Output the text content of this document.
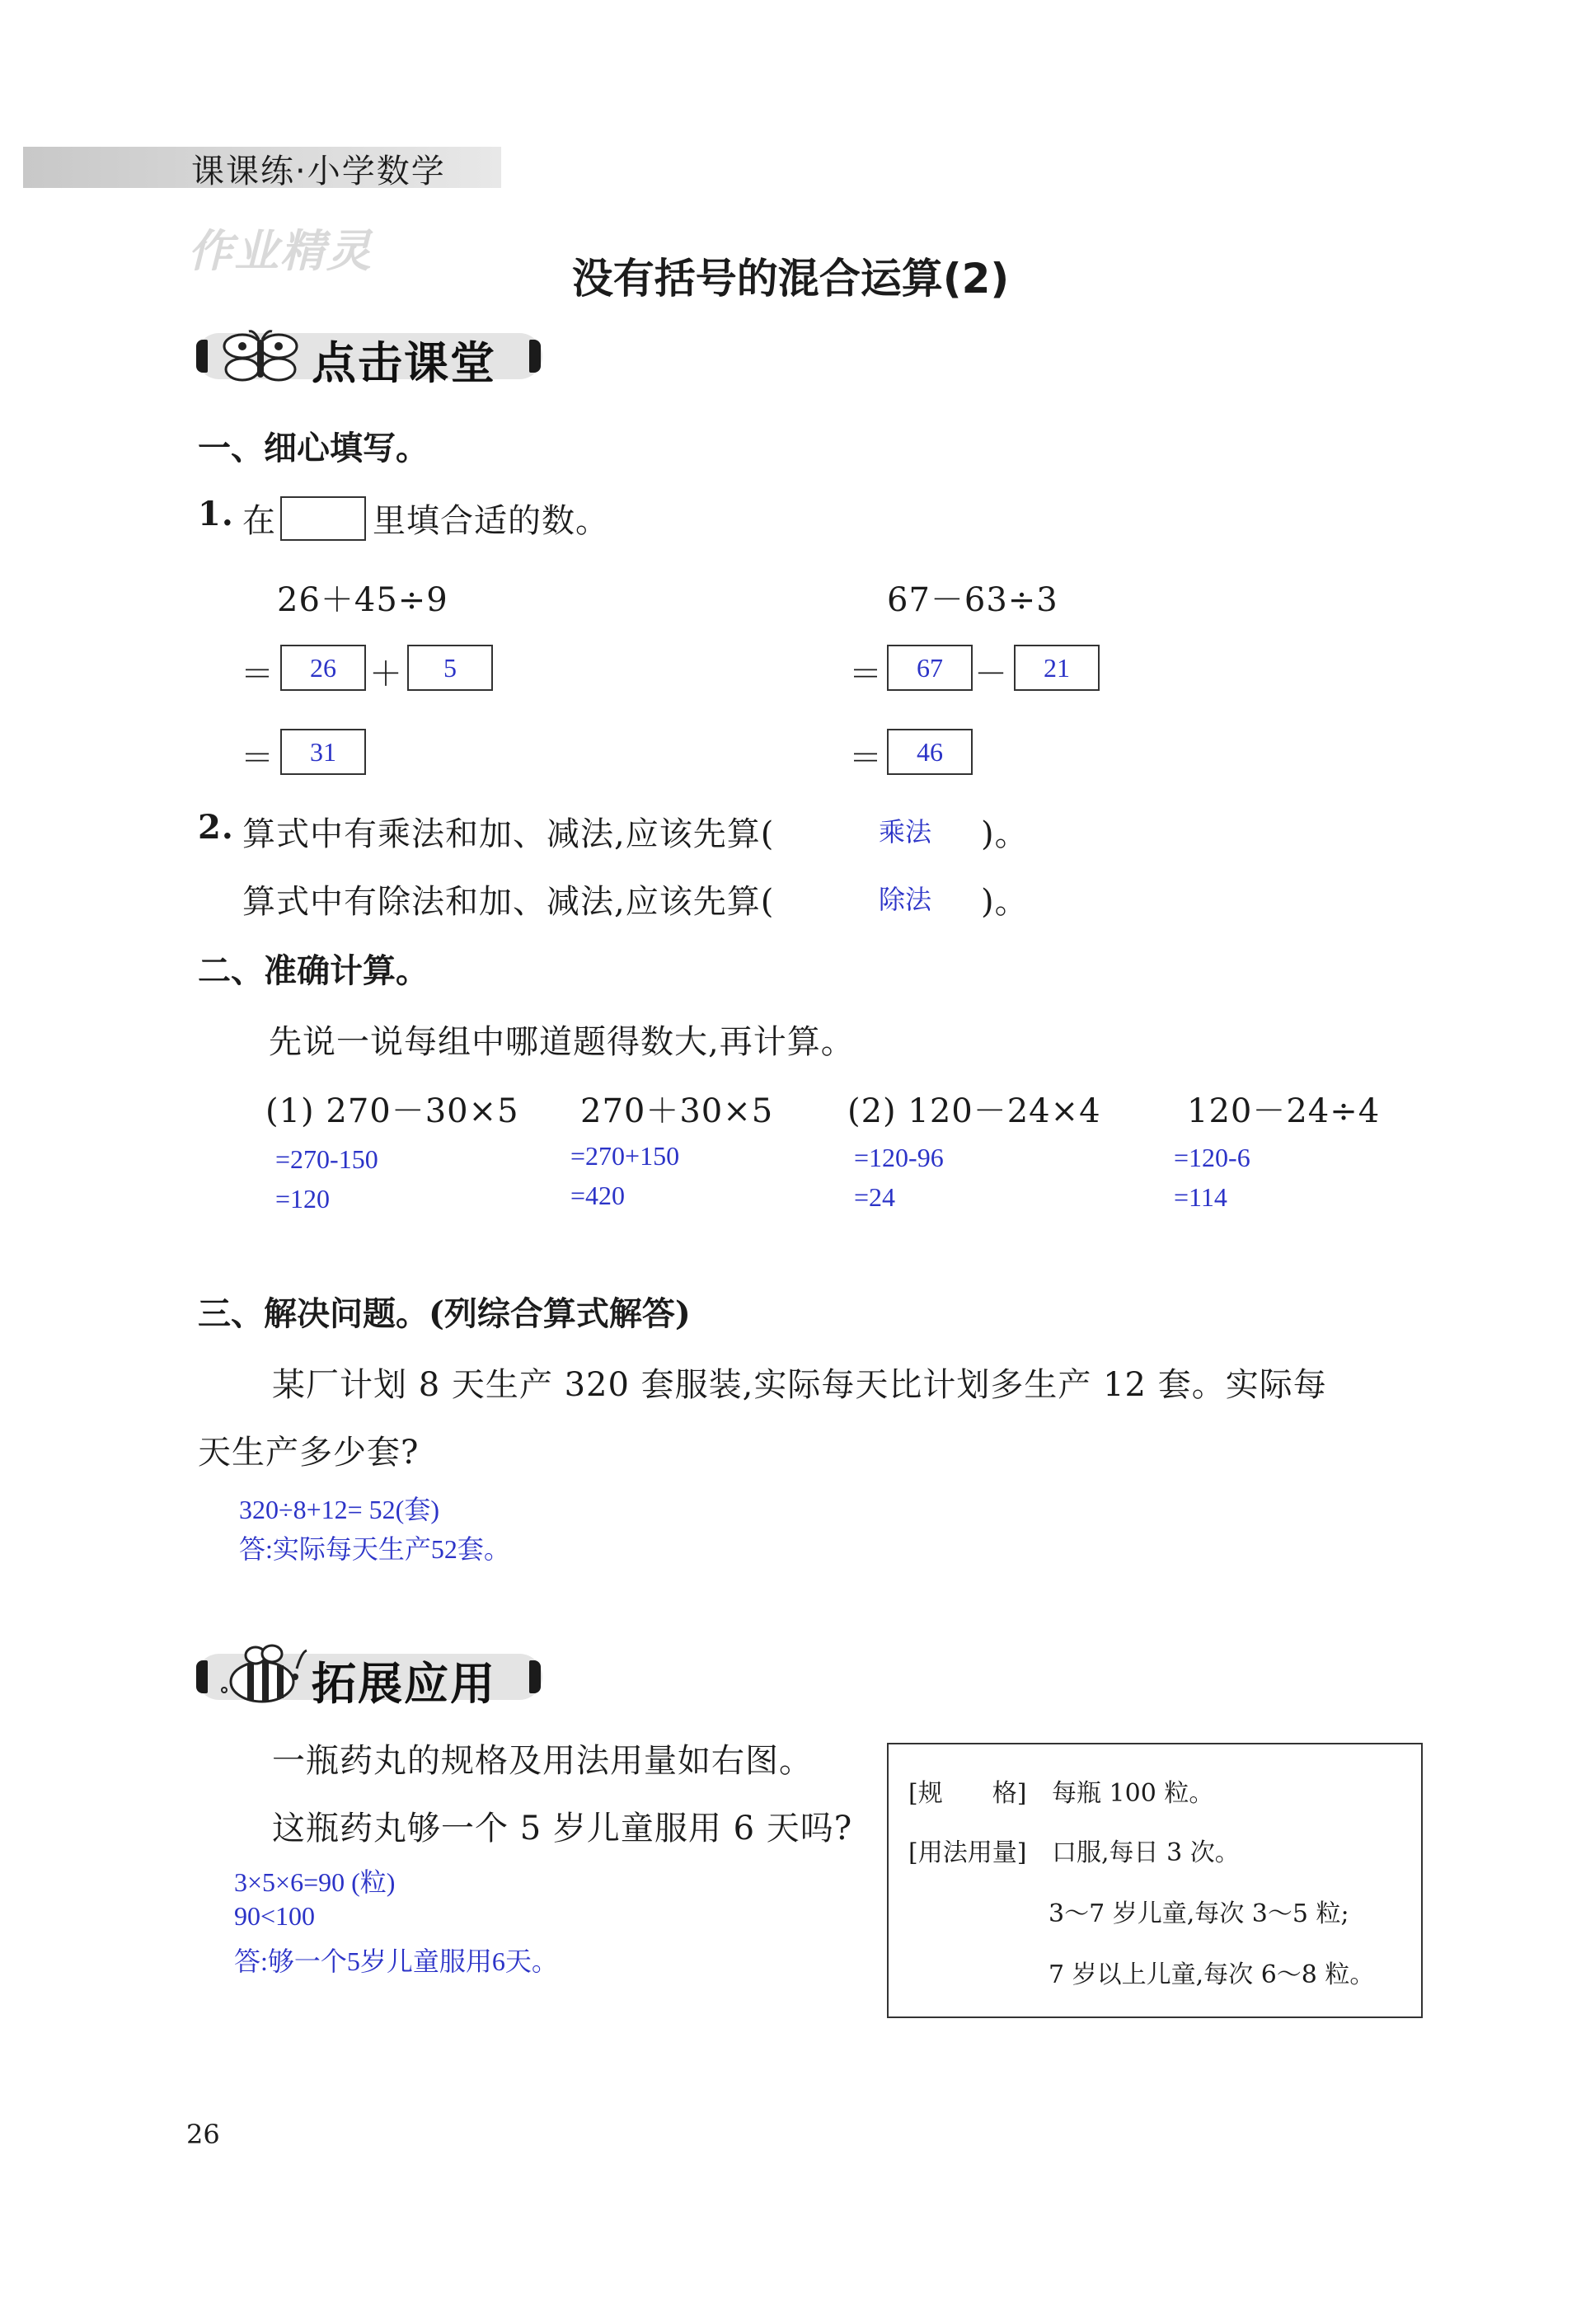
课课练·小学数学
作业精灵
没有括号的混合运算(2)
点击课堂
一、细心填写。
1. 在	里填合适的数。
26＋45÷9
＝	26	＋	5
＝	31
67－63÷3
＝	67 －	21
＝	46
2. 算式中有乘法和加、减法,应该先算(	乘法 )。
算式中有除法和加、减法,应该先算(	除法 )。
二、准确计算。
先说一说每组中哪道题得数大,再计算。
(1) 270－30×5 270＋30×5 (2) 120－24×4	120－24÷4
=270-150
=120
=270+150
=420
=120-96
=24
=120-6
=114
三、解决问题。(列综合算式解答)
某厂计划 8 天生产 320 套服装,实际每天比计划多生产 12 套。实际每
天生产多少套?
320÷8+12= 52(套)
答:实际每天生产52套。
拓展应用
一瓶药丸的规格及用法用量如右图。
这瓶药丸够一个 5 岁儿童服用 6 天吗?
3×5×6=90 (粒)
90<100
答:够一个5岁儿童服用6天。
[规　　格] 每瓶 100 粒。
[用法用量] 口服,每日 3 次。
3～7 岁儿童,每次 3～5 粒;
7 岁以上儿童,每次 6～8 粒。
26
